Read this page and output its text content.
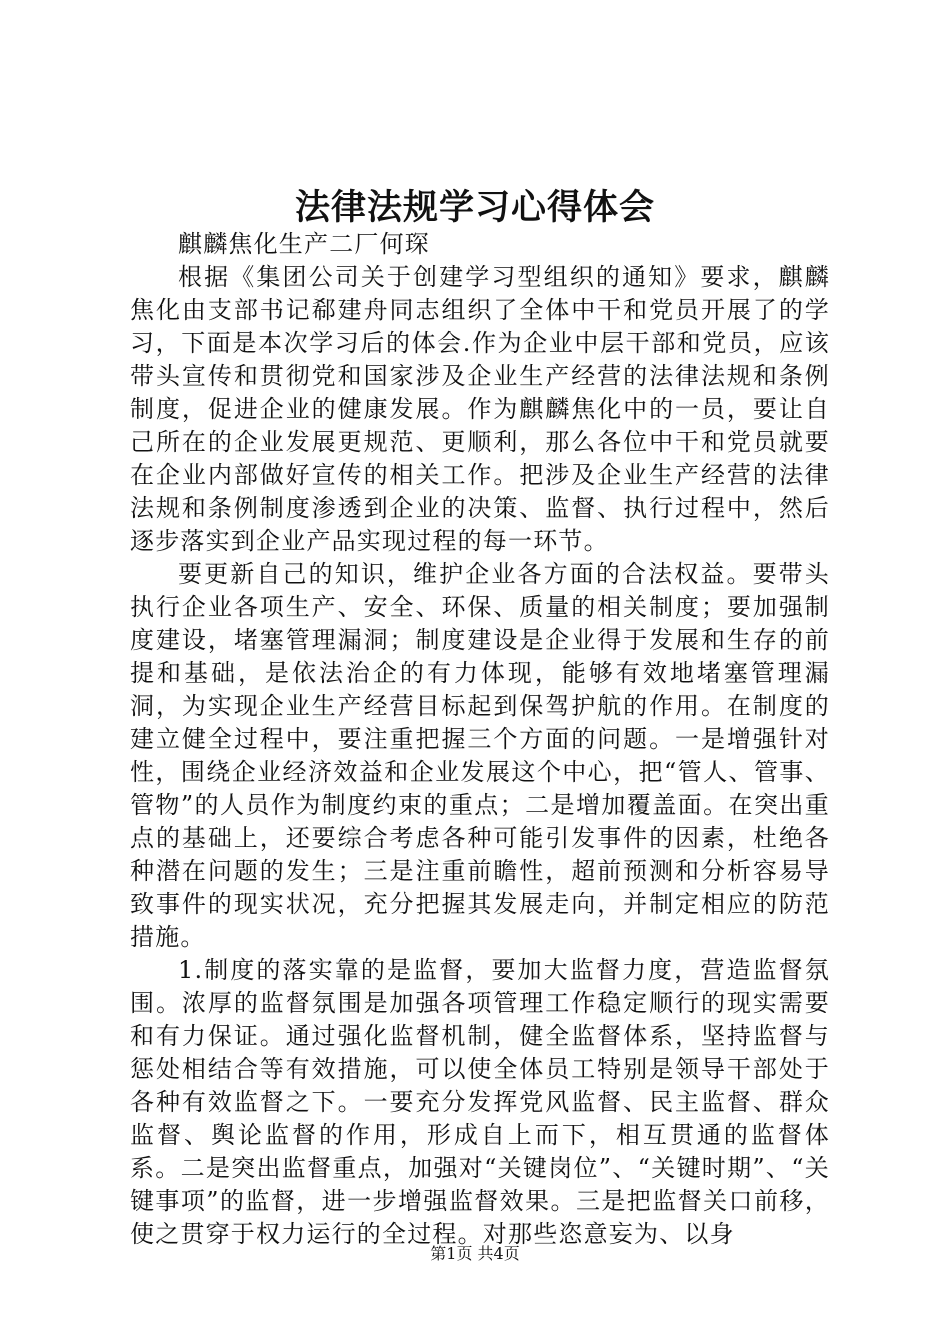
法律法规学习心得体会

麒麟焦化生产二厂何琛

根据《集团公司关于创建学习型组织的通知》要求，麒麟焦化由支部书记郗建舟同志组织了全体中干和党员开展了的学习，下面是本次学习后的体会.作为企业中层干部和党员，应该带头宣传和贯彻党和国家涉及企业生产经营的法律法规和条例制度，促进企业的健康发展。作为麒麟焦化中的一员，要让自己所在的企业发展更规范、更顺利，那么各位中干和党员就要在企业内部做好宣传的相关工作。把涉及企业生产经营的法律法规和条例制度渗透到企业的决策、监督、执行过程中，然后逐步落实到企业产品实现过程的每一环节。

要更新自己的知识，维护企业各方面的合法权益。要带头执行企业各项生产、安全、环保、质量的相关制度；要加强制度建设，堵塞管理漏洞；制度建设是企业得于发展和生存的前提和基础，是依法治企的有力体现，能够有效地堵塞管理漏洞，为实现企业生产经营目标起到保驾护航的作用。在制度的建立健全过程中，要注重把握三个方面的问题。一是增强针对性，围绕企业经济效益和企业发展这个中心，把“管人、管事、管物”的人员作为制度约束的重点；二是增加覆盖面。在突出重点的基础上，还要综合考虑各种可能引发事件的因素，杜绝各种潜在问题的发生；三是注重前瞻性，超前预测和分析容易导致事件的现实状况，充分把握其发展走向，并制定相应的防范措施。

1.制度的落实靠的是监督，要加大监督力度，营造监督氛围。浓厚的监督氛围是加强各项管理工作稳定顺行的现实需要和有力保证。通过强化监督机制，健全监督体系，坚持监督与惩处相结合等有效措施，可以使全体员工特别是领导干部处于各种有效监督之下。一要充分发挥党风监督、民主监督、群众监督、舆论监督的作用，形成自上而下，相互贯通的监督体系。二是突出监督重点，加强对“关键岗位”、“关键时期”、“关键事项”的监督，进一步增强监督效果。三是把监督关口前移，使之贯穿于权力运行的全过程。对那些恣意妄为、以身

第1页 共4页
